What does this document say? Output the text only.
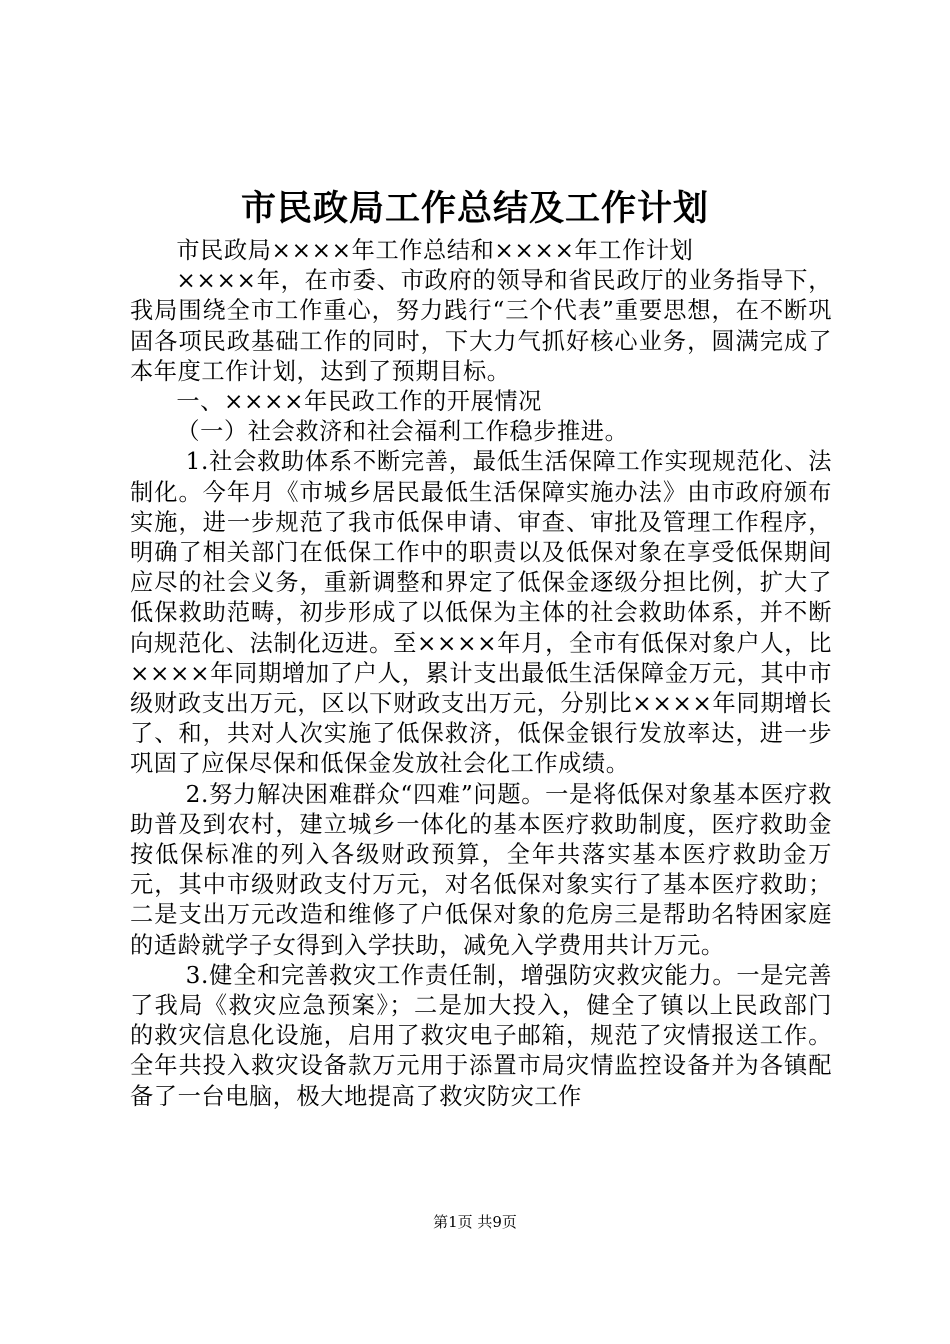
市民政局工作总结及工作计划

市民政局××××年工作总结和××××年工作计划

××××年，在市委、市政府的领导和省民政厅的业务指导下，我局围绕全市工作重心，努力践行“三个代表”重要思想，在不断巩固各项民政基础工作的同时，下大力气抓好核心业务，圆满完成了本年度工作计划，达到了预期目标。

一、××××年民政工作的开展情况

（一）社会救济和社会福利工作稳步推进。

1.社会救助体系不断完善，最低生活保障工作实现规范化、法制化。今年月《市城乡居民最低生活保障实施办法》由市政府颁布实施，进一步规范了我市低保申请、审查、审批及管理工作程序，明确了相关部门在低保工作中的职责以及低保对象在享受低保期间应尽的社会义务，重新调整和界定了低保金逐级分担比例，扩大了低保救助范畴，初步形成了以低保为主体的社会救助体系，并不断向规范化、法制化迈进。至××××年月，全市有低保对象户人，比××××年同期增加了户人，累计支出最低生活保障金万元，其中市级财政支出万元，区以下财政支出万元，分别比××××年同期增长了、和，共对人次实施了低保救济，低保金银行发放率达，进一步巩固了应保尽保和低保金发放社会化工作成绩。

2.努力解决困难群众“四难”问题。一是将低保对象基本医疗救助普及到农村，建立城乡一体化的基本医疗救助制度，医疗救助金按低保标准的列入各级财政预算，全年共落实基本医疗救助金万元，其中市级财政支付万元，对名低保对象实行了基本医疗救助；二是支出万元改造和维修了户低保对象的危房三是帮助名特困家庭的适龄就学子女得到入学扶助，减免入学费用共计万元。

3.健全和完善救灾工作责任制，增强防灾救灾能力。一是完善了我局《救灾应急预案》；二是加大投入，健全了镇以上民政部门的救灾信息化设施，启用了救灾电子邮箱，规范了灾情报送工作。全年共投入救灾设备款万元用于添置市局灾情监控设备并为各镇配备了一台电脑，极大地提高了救灾防灾工作

第1页 共9页
